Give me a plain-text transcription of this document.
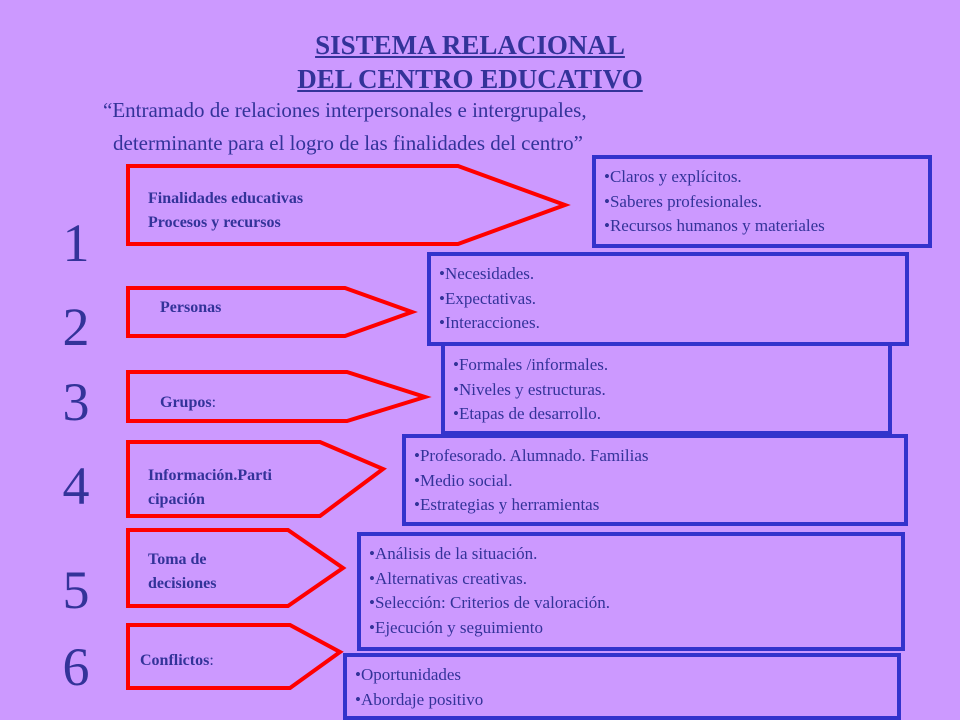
SISTEMA RELACIONAL
DEL CENTRO EDUCATIVO
“Entramado de relaciones interpersonales e intergrupales,
determinante para el logro de las finalidades del centro”
1
2
3
4
5
6
Finalidades educativas
Procesos y recursos
Personas
Grupos:
Información.Parti
cipación
Toma de
decisiones
Conflictos:
• Claros y explícitos.
• Saberes profesionales.
• Recursos humanos y materiales
• Formales /informales.
• Niveles y estructuras.
• Etapas de desarrollo.
• Necesidades.
• Expectativas.
• Interacciones.
• Profesorado. Alumnado. Familias
• Medio social.
• Estrategias y herramientas
• Análisis de la situación.
• Alternativas creativas.
• Selección: Criterios de valoración.
• Ejecución y seguimiento
• Oportunidades
• Abordaje positivo
